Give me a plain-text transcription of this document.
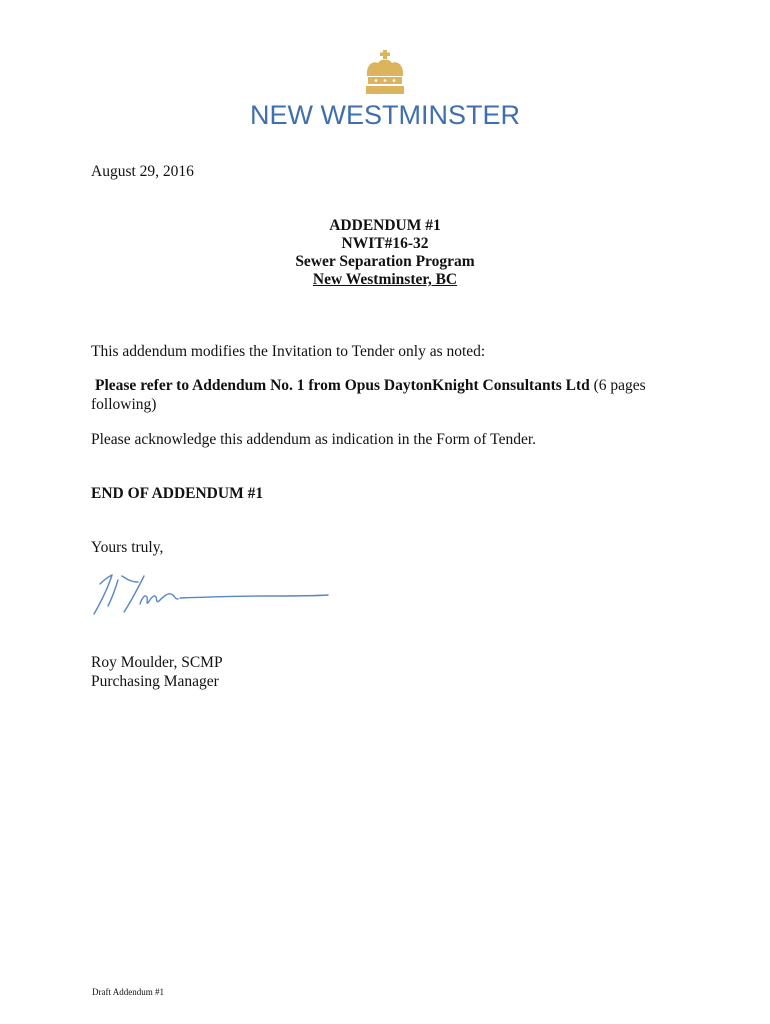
NEW WESTMINSTER
August 29, 2016
ADDENDUM #1
NWIT#16-32
Sewer Separation Program
New Westminster, BC
This addendum modifies the Invitation to Tender only as noted:
Please refer to Addendum No. 1 from Opus DaytonKnight Consultants Ltd (6 pages
following)
Please acknowledge this addendum as indication in the Form of Tender.
END OF ADDENDUM #1
Yours truly,
Roy Moulder, SCMP
Purchasing Manager
Draft Addendum #1
